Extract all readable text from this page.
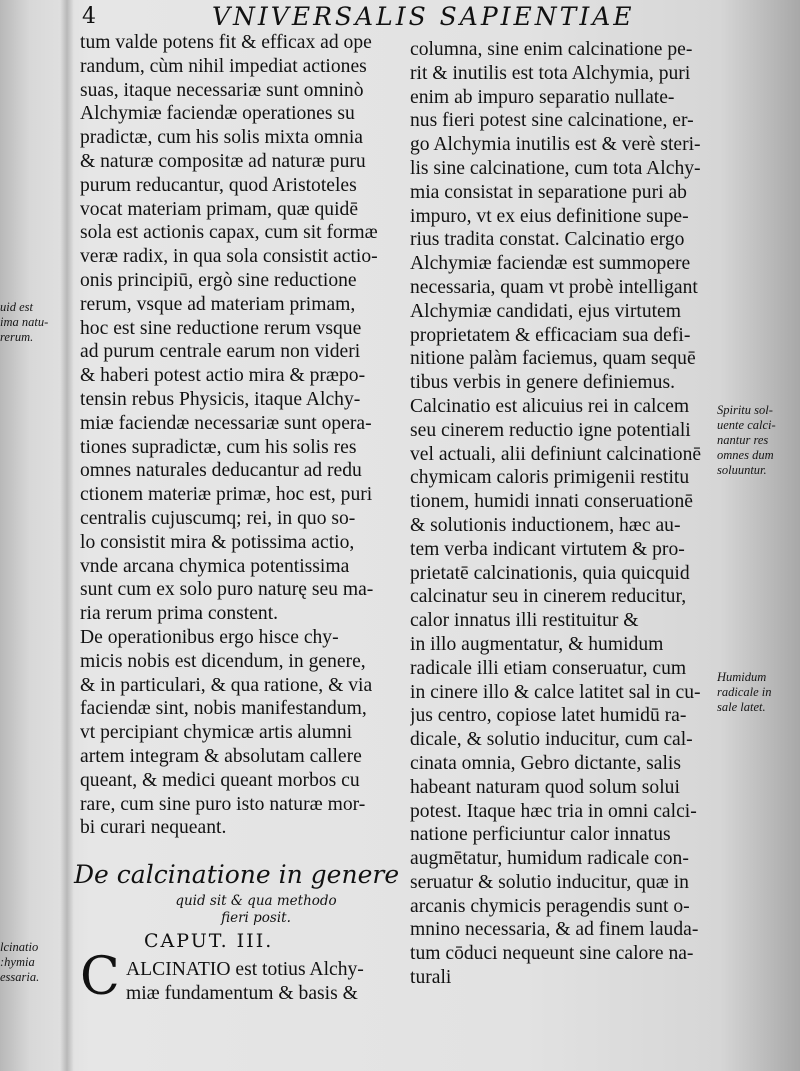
4	VNIVERSALIS SAPIENTIAE
tum valde potens fit & efficax ad ope
randum, cùm nihil impediat actiones
suas, itaque necessariæ sunt omninò
Alchymiæ faciendæ operationes su
pradictæ, cum his solis mixta omnia
& naturæ compositæ ad naturæ puru
purum reducantur, quod Aristoteles
vocat materiam primam, quæ quidē
sola est actionis capax, cum sit formæ
veræ radix, in qua sola consistit actio-
onis principiū, ergò sine reductione
rerum, vsque ad materiam primam,
hoc est sine reductione rerum vsque
ad purum centrale earum non videri
& haberi potest actio mira & præpo-
tensin rebus Physicis, itaque Alchy-
miæ faciendæ necessariæ sunt opera-
tiones supradictæ, cum his solis res
omnes naturales deducantur ad redu
ctionem materiæ primæ, hoc est, puri
centralis cujuscumq; rei, in quo so-
lo consistit mira & potissima actio,
vnde arcana chymica potentissima
sunt cum ex solo puro naturę seu ma-
ria rerum prima constent.
De operationibus ergo hisce chy-
micis nobis est dicendum, in genere,
& in particulari, & qua ratione, & via
faciendæ sint, nobis manifestandum,
vt percipiant chymicæ artis alumni
artem integram & absolutam callere
queant, & medici queant morbos cu
rare, cum sine puro isto naturæ mor-
bi curari nequeant.
De calcinatione in genere
quid sit & qua methodo
fieri posit.
CAPUT. III.
C ALCINATIO est totius Alchy-
miæ fundamentum & basis &
columna, sine enim calcinatione pe-
rit & inutilis est tota Alchymia, puri
enim ab impuro separatio nullate-
nus fieri potest sine calcinatione, er-
go Alchymia inutilis est & verè steri-
lis sine calcinatione, cum tota Alchy-
mia consistat in separatione puri ab
impuro, vt ex eius definitione supe-
rius tradita constat. Calcinatio ergo
Alchymiæ faciendæ est summopere
necessaria, quam vt probè intelligant
Alchymiæ candidati, ejus virtutem
proprietatem & efficaciam sua defi-
nitione palàm faciemus, quam sequē
tibus verbis in genere definiemus.
Calcinatio est alicuius rei in calcem
seu cinerem reductio igne potentiali
vel actuali, alii definiunt calcinationē
chymicam caloris primigenii restitu
tionem, humidi innati conseruationē
& solutionis inductionem, hæc au-
tem verba indicant virtutem & pro-
prietatē calcinationis, quia quicquid
calcinatur seu in cinerem reducitur,
calor innatus illi restituitur &
in illo augmentatur, & humidum
radicale illi etiam conseruatur, cum
in cinere illo & calce latitet sal in cu-
jus centro, copiose latet humidū ra-
dicale, & solutio inducitur, cum cal-
cinata omnia, Gebro dictante, salis
habeant naturam quod solum solui
potest. Itaque hæc tria in omni calci-
natione perficiuntur calor innatus
augmētatur, humidum radicale con-
seruatur & solutio inducitur, quæ in
arcanis chymicis peragendis sunt o-
mnino necessaria, & ad finem lauda-
tum cōduci nequeunt sine calore na-
turali
uid est
ima natu-
rerum.
lcinatio
:hymia
essaria.
Spiritu sol-
uente calci-
nantur res
omnes dum
soluuntur.
Humidum
radicale in
sale latet.
